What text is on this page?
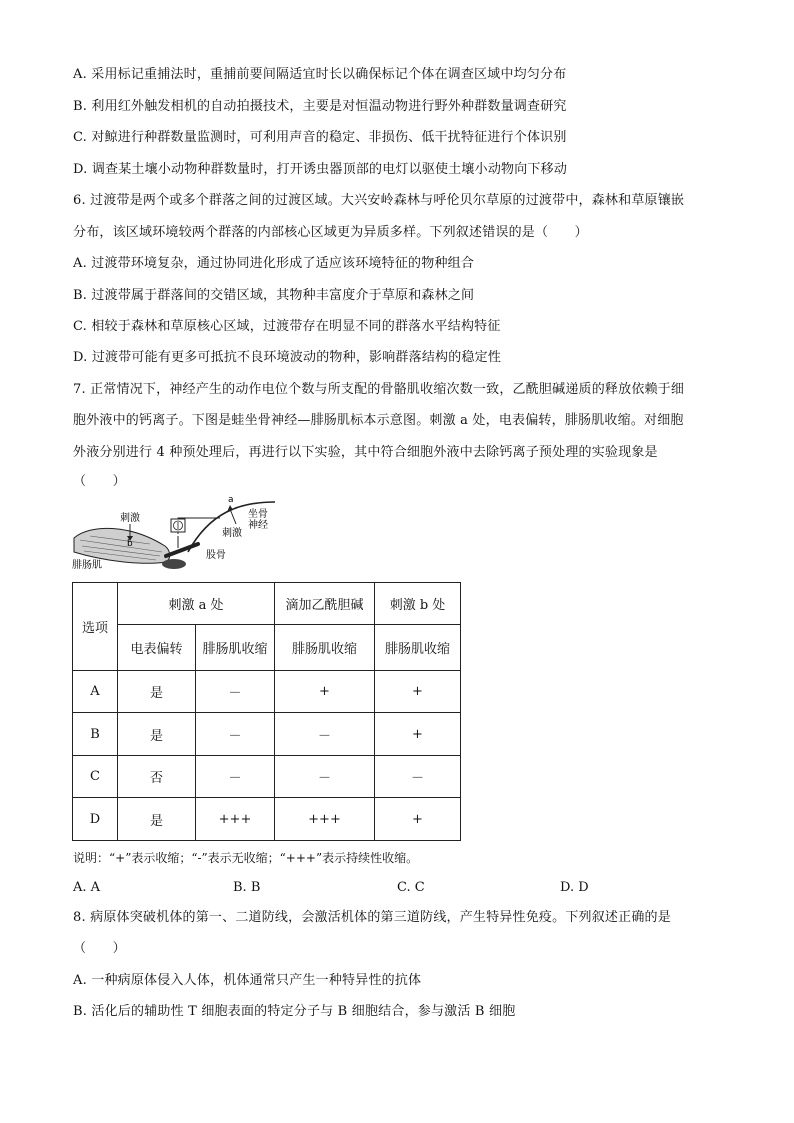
A. 采用标记重捕法时，重捕前要间隔适宜时长以确保标记个体在调查区域中均匀分布
B. 利用红外触发相机的自动拍摄技术，主要是对恒温动物进行野外种群数量调查研究
C. 对鲸进行种群数量监测时，可利用声音的稳定、非损伤、低干扰特征进行个体识别
D. 调查某土壤小动物种群数量时，打开诱虫器顶部的电灯以驱使土壤小动物向下移动
6. 过渡带是两个或多个群落之间的过渡区域。大兴安岭森林与呼伦贝尔草原的过渡带中，森林和草原镶嵌
分布，该区域环境较两个群落的内部核心区域更为异质多样。下列叙述错误的是（　　）
A. 过渡带环境复杂，通过协同进化形成了适应该环境特征的物种组合
B. 过渡带属于群落间的交错区域，其物种丰富度介于草原和森林之间
C. 相较于森林和草原核心区域，过渡带存在明显不同的群落水平结构特征
D. 过渡带可能有更多可抵抗不良环境波动的物种，影响群落结构的稳定性
7. 正常情况下，神经产生的动作电位个数与所支配的骨骼肌收缩次数一致，乙酰胆碱递质的释放依赖于细
胞外液中的钙离子。下图是蛙坐骨神经—腓肠肌标本示意图。刺激 a 处，电表偏转，腓肠肌收缩。对细胞
外液分别进行 4 种预处理后，再进行以下实验，其中符合细胞外液中去除钙离子预处理的实验现象是
（　　）
刺激
b
a
刺激
坐骨
神经
股骨
腓肠肌
选项	刺激 a 处		滴加乙酰胆碱	刺激 b 处
	电表偏转	腓肠肌收缩	腓肠肌收缩	腓肠肌收缩
A	是	－	+	+
B	是	－	－	+
C	否	－	－	－
D	是	+++	+++	+
说明：“+”表示收缩；“-”表示无收缩；“+++”表示持续性收缩。
A. A	B. B	C. C	D. D
8. 病原体突破机体的第一、二道防线，会激活机体的第三道防线，产生特异性免疫。下列叙述正确的是
（　　）
A. 一种病原体侵入人体，机体通常只产生一种特异性的抗体
B. 活化后的辅助性 T 细胞表面的特定分子与 B 细胞结合，参与激活 B 细胞
